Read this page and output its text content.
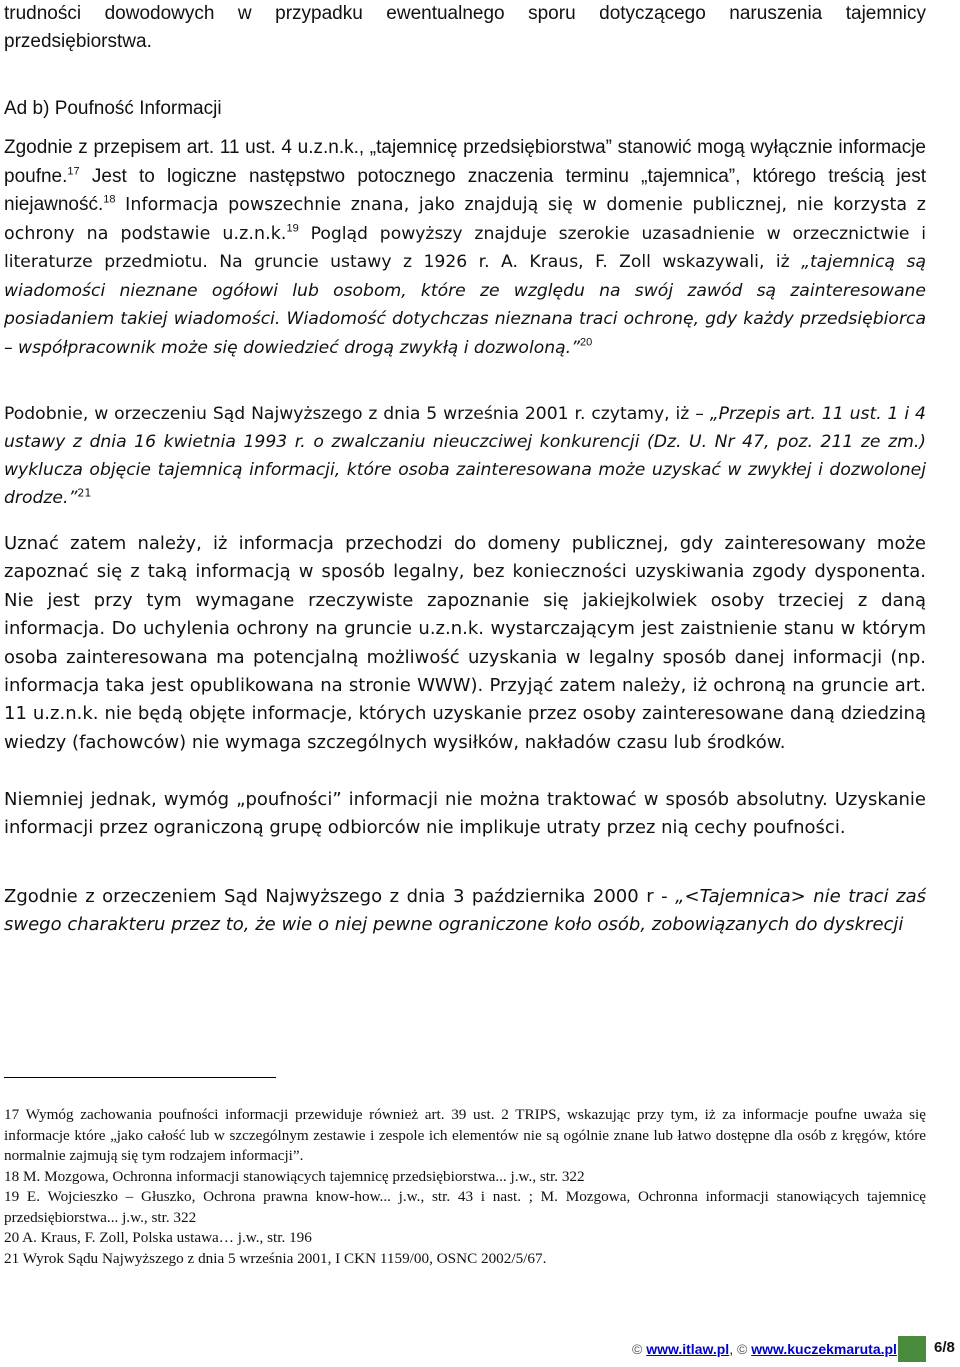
trudności dowodowych w przypadku ewentualnego sporu dotyczącego naruszenia tajemnicy przedsiębiorstwa.

Ad b) Poufność Informacji

Zgodnie z przepisem art. 11 ust. 4 u.z.n.k., „tajemnicę przedsiębiorstwa” stanowić mogą wyłącznie informacje poufne.$^{17}$ Jest to logiczne następstwo potocznego znaczenia terminu „tajemnica”, którego treścią jest niejawność.$^{18}$ Informacja powszechnie znana, jako znajdują się w domenie publicznej, nie korzysta z ochrony na podstawie u.z.n.k.$^{19}$ Pogląd powyższy znajduje szerokie uzasadnienie w orzecznictwie i literaturze przedmiotu. Na gruncie ustawy z 1926 r. A. Kraus, F. Zoll wskazywali, iż „tajemnicą są wiadomości nieznane ogółowi lub osobom, które ze względu na swój zawód są zainteresowane posiadaniem takiej wiadomości. Wiadomość dotychczas nieznana traci ochronę, gdy każdy przedsiębiorca – współpracownik może się dowiedzieć drogą zwykłą i dozwoloną.”$^{20}$

Podobnie, w orzeczeniu Sąd Najwyższego z dnia 5 września 2001 r. czytamy, iż – „Przepis art. 11 ust. 1 i 4 ustawy z dnia 16 kwietnia 1993 r. o zwalczaniu nieuczciwej konkurencji (Dz. U. Nr 47, poz. 211 ze zm.) wyklucza objęcie tajemnicą informacji, które osoba zainteresowana może uzyskać w zwykłej i dozwolonej drodze.”$^{21}$

Uznać zatem należy, iż informacja przechodzi do domeny publicznej, gdy zainteresowany może zapoznać się z taką informacją w sposób legalny, bez konieczności uzyskiwania zgody dysponenta. Nie jest przy tym wymagane rzeczywiste zapoznanie się jakiejkolwiek osoby trzeciej z daną informacja. Do uchylenia ochrony na gruncie u.z.n.k. wystarczającym jest zaistnienie stanu w którym osoba zainteresowana ma potencjalną możliwość uzyskania w legalny sposób danej informacji (np. informacja taka jest opublikowana na stronie WWW). Przyjąć zatem należy, iż ochroną na gruncie art. 11 u.z.n.k. nie będą objęte informacje, których uzyskanie przez osoby zainteresowane daną dziedziną wiedzy (fachowców) nie wymaga szczególnych wysiłków, nakładów czasu lub środków.

Niemniej jednak, wymóg „poufności” informacji nie można traktować w sposób absolutny. Uzyskanie informacji przez ograniczoną grupę odbiorców nie implikuje utraty przez nią cechy poufności.

Zgodnie z orzeczeniem Sąd Najwyższego z dnia 3 października 2000 r - „<Tajemnica> nie traci zaś swego charakteru przez to, że wie o niej pewne ograniczone koło osób, zobowiązanych do dyskrecji

17 Wymóg zachowania poufności informacji przewiduje również art. 39 ust. 2 TRIPS, wskazując przy tym, iż za informacje poufne uważa się informacje które „jako całość lub w szczególnym zestawie i zespole ich elementów nie są ogólnie znane lub łatwo dostępne dla osób z kręgów, które normalnie zajmują się tym rodzajem informacji”.

18 M. Mozgowa, Ochronna informacji stanowiących tajemnicę przedsiębiorstwa... j.w., str. 322

19 E. Wojcieszko – Głuszko, Ochrona prawna know-how... j.w., str. 43 i nast. ; M. Mozgowa, Ochronna informacji stanowiących tajemnicę przedsiębiorstwa... j.w., str. 322

20 A. Kraus, F. Zoll, Polska ustawa… j.w., str. 196

21 Wyrok Sądu Najwyższego z dnia 5 września 2001, I CKN 1159/00, OSNC 2002/5/67.

© www.itlaw.pl, © www.kuczekmaruta.pl 6/8
